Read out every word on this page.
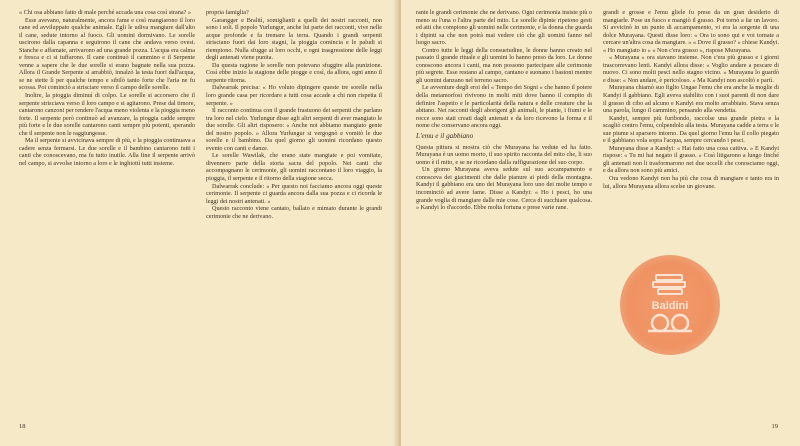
« Chi osa abbiano fatto di male perché accada una cosa così strana? »

Esse avevano, naturalmente, ancora fame e così mangiarono il loro cane ed avviluppato qualche animale. Egli le udiva mangiare dall'alto il cane, sedute intorno al fuoco. Gli uomini dormivano. Le sorelle uscirono dalla capanna e seguirono il cane che andava verso ovest. Stanche e affamate, arrivarono ad una grande pozza. L'acqua era calma e fresca e ci si tuffarono. Il cane continuò il cammino e il Serpente venne a sapere che le due sorelle si erano bagnate nella sua pozza. Allora il Grande Serpente si arrabbiò, innalzò la testa fuori dall'acqua, se ne stette lì per qualche tempo e sibilò tanto forte che l'aria ne fu scossa. Poi cominciò a strisciare verso il campo delle sorelle.

Inoltre, la pioggia diminuì di colpo. Le sorelle si accorsero che il serpente strisciava verso il loro campo e si agitarono. Prese dal timore, cantarono canzoni per rendere l'acqua meno violenta e la pioggia meno forte. Il serpente però continuò ad avanzare, la pioggia cadde sempre più forte e le due sorelle cantarono canti sempre più potenti, sperando che il serpente non le raggiungesse.

Ma il serpente si avvicinava sempre di più, e la pioggia continuava a cadere senza fermarsi. Le due sorelle e il bambino cantarono tutti i canti che conoscevano, ma fu tutto inutile. Alla fine il serpente arrivò nel campo, si avvolse intorno a loro e le inghiottì tutti insieme.

propria famiglia?

Garangger e Bralitì, somiglianti a quelli dei nostri racconti, non sono i soli. Il popolo Yurlungur, anche lui parte dei racconti, vive nelle acque profonde e fa tremare la terra. Quando i grandi serpenti strisciano fuori dai loro stagni, la pioggia comincia e le paludi si riempiono. Nulla sfugge ai loro occhi, e ogni trasgressione delle leggi degli antenati viene punita.

Da questa ragione le sorelle non potevano sfuggire alla punizione. Così ebbe inizio la stagione delle piogge e così, da allora, ogni anno il serpente ritorna.

Dalwarrak precisa: « Ho voluto dipingere queste tre sorelle nella loro grande casa per ricordare a tutti cosa accade a chi non rispetta il serpente. »

Il racconto continua con il grande frastuono dei serpenti che parlano tra loro nel cielo. Yurlungur disse agli altri serpenti di aver mangiato le due sorelle. Gli altri risposero: « Anche noi abbiamo mangiato gente del nostro popolo. » Allora Yurlungur si vergognò e vomitò le due sorelle e il bambino. Da quel giorno gli uomini ricordano questo evento con canti e danze.

Le sorelle Wawilak, che erano state mangiate e poi vomitate, divennero parte della storia sacra del popolo. Nei canti che accompagnano le cerimonie, gli uomini raccontano il loro viaggio, la pioggia, il serpente e il ritorno della stagione secca.

Dalwarrak conclude: « Per questo noi facciamo ancora oggi queste cerimonie. Il serpente ci guarda ancora dalla sua pozza e ci ricorda le leggi dei nostri antenati. »

Questo racconto viene cantato, ballato e mimato durante le grandi cerimonie che ne derivano.

18

rante le grandi cerimonie che ne derivano. Ogni cerimonia insiste più o meno su l'una o l'altra parte del mito. Le sorelle dipinte ripetono gesti ed atti che compiono gli uomini nelle cerimonie, e la donna che guarda i dipinti sa che non potrà mai vedere ciò che gli uomini fanno nel luogo sacro.

Contro tutte le leggi della consuetudine, le donne hanno creato nel passato il grande rituale e gli uomini lo hanno preso da loro. Le donne conoscono ancora i canti, ma non possono partecipare alle cerimonie più segrete. Esse restano al campo, cantano e suonano i bastoni mentre gli uomini danzano nel terreno sacro.

Le avventure degli eroi del « Tempo dei Sogni » che hanno il potere della metamorfosi rivivono in molti miti dove hanno il compito di definire l'aspetto e le particolarità della natura e delle creature che la abitano. Nei racconti degli aborigeni gli animali, le piante, i fiumi e le rocce sono stati creati dagli antenati e da loro ricevono la forma e il nome che conservano ancora oggi.

L'emu e il gabbiano

Questa pittura si mostra ciò che Murayana ha vedute ed ha fatto. Murayana è un uomo morto, il suo spirito racconta del mito che, li suo uomo è il mito, e se ne ricordano dalla raffigurazione del suo corpo.

Un giorno Murayana aveva sedute sul suo accampamento e conosceva dei giacimenti che dalle pianure ai piedi della montagna. Kandyi il gabbiano era uno dei Murayana loro uno dei molte tempo e incominciò ad avere fame. Disse a Kandyi: « Ho i pesci, ho una grande voglia di mangiare dalle mie cose. Cerca di succhiare qualcosa. » Kandyi lo d'accordo. Ebbe molta fortuna e prese varie rane.

grandi e grosse e l'emu gliele fu prese da un gran desiderio di mangiarle. Pose un fuoco e mangiò il grasso. Poi tornò a far un lavoro. Si avvicinò in un punto di accampamento, vi era la sorgente di una dolce Murayana. Questi disse loro: « Ora io sono qui e voi tornate a cercare un'altra cosa da mangiare. » « Dove il grasso? » chiese Kandyi. « Ho mangiato io » « Non c'era grasso », rispose Murayana.

« Murayana » ora stavano insieme. Non c'era più grasso e i giorni trascorrevano lenti. Kandyi allora disse: « Voglio andare a pescare di nuovo. Ci sono molti pesci nello stagno vicino. » Murayana lo guardò e disse: « Non andare, è pericoloso. » Ma Kandyi non ascoltò e partì.

Murayana chiamò suo figlio Ungae l'emu che era anche la moglie di Kandyi il gabbiano. Egli aveva stabilito con i suoi parenti di non dare il grasso di cibo ad alcuno e Kandyi era molto arrabbiato. Stava senza una parola, lungo il cammino, pensando alla vendetta.

Kandyi, sempre più furibondo, raccolse una grande pietra e la scagliò contro l'emu, colpendolo alla testa. Murayana cadde a terra e le sue piume si sparsero intorno. Da quel giorno l'emu ha il collo piegato e il gabbiano vola sopra l'acqua, sempre cercando i pesci.

Murayana disse a Kandyi: « Hai fatto una cosa cattiva. » E Kandyi rispose: « Tu mi hai negato il grasso. » Così litigarono a lungo finché gli antenati non li trasformarono nei due uccelli che conosciamo oggi, e da allora non sono più amici.

Ora vedono Kandyi non ha più che cosa di mangiare e tanto era in lui, allora Murayana allora scelse un giovane.

19
Baldini
